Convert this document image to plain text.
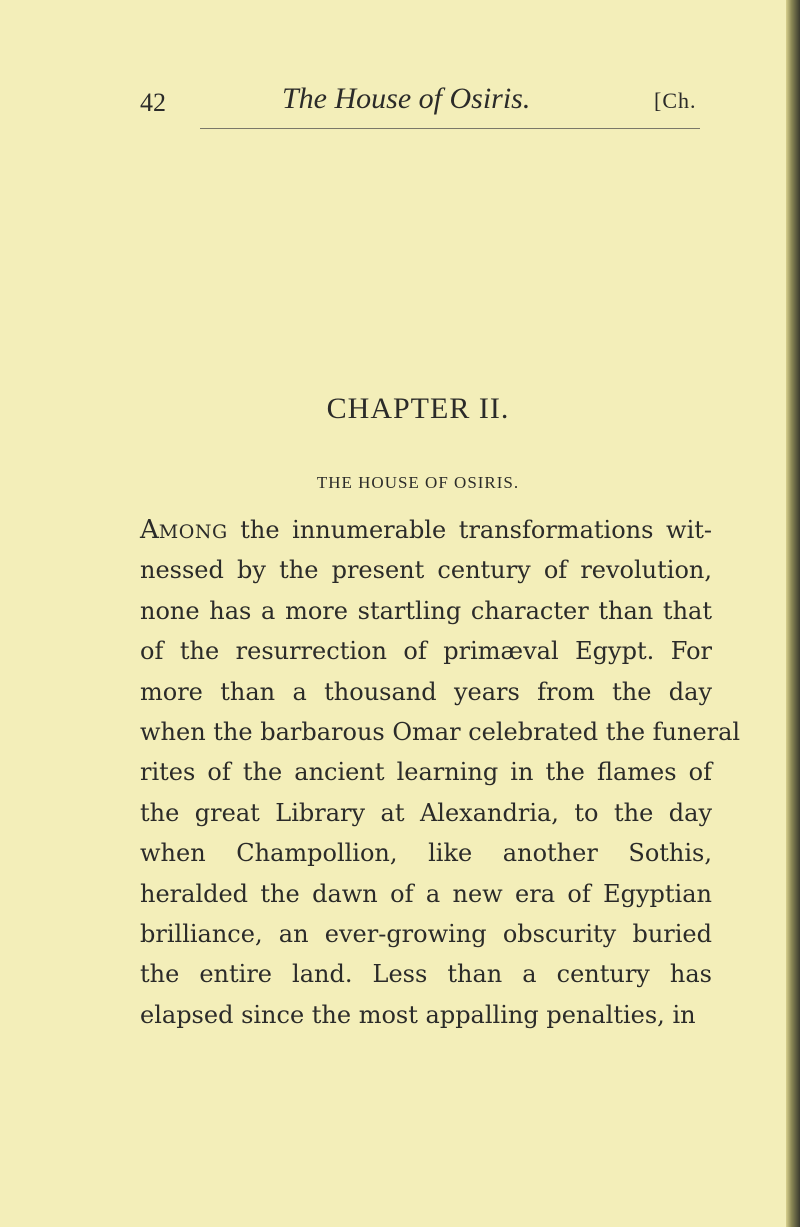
42	The House of Osiris.	[Ch.
CHAPTER II.
THE HOUSE OF OSIRIS.
AMONG the innumerable transformations wit-
nessed by the present century of revolution,
none has a more startling character than that
of the resurrection of primæval Egypt. For
more than a thousand years from the day
when the barbarous Omar celebrated the funeral
rites of the ancient learning in the flames of
the great Library at Alexandria, to the day
when Champollion, like another Sothis,
heralded the dawn of a new era of Egyptian
brilliance, an ever-growing obscurity buried
the entire land. Less than a century has
elapsed since the most appalling penalties, in
